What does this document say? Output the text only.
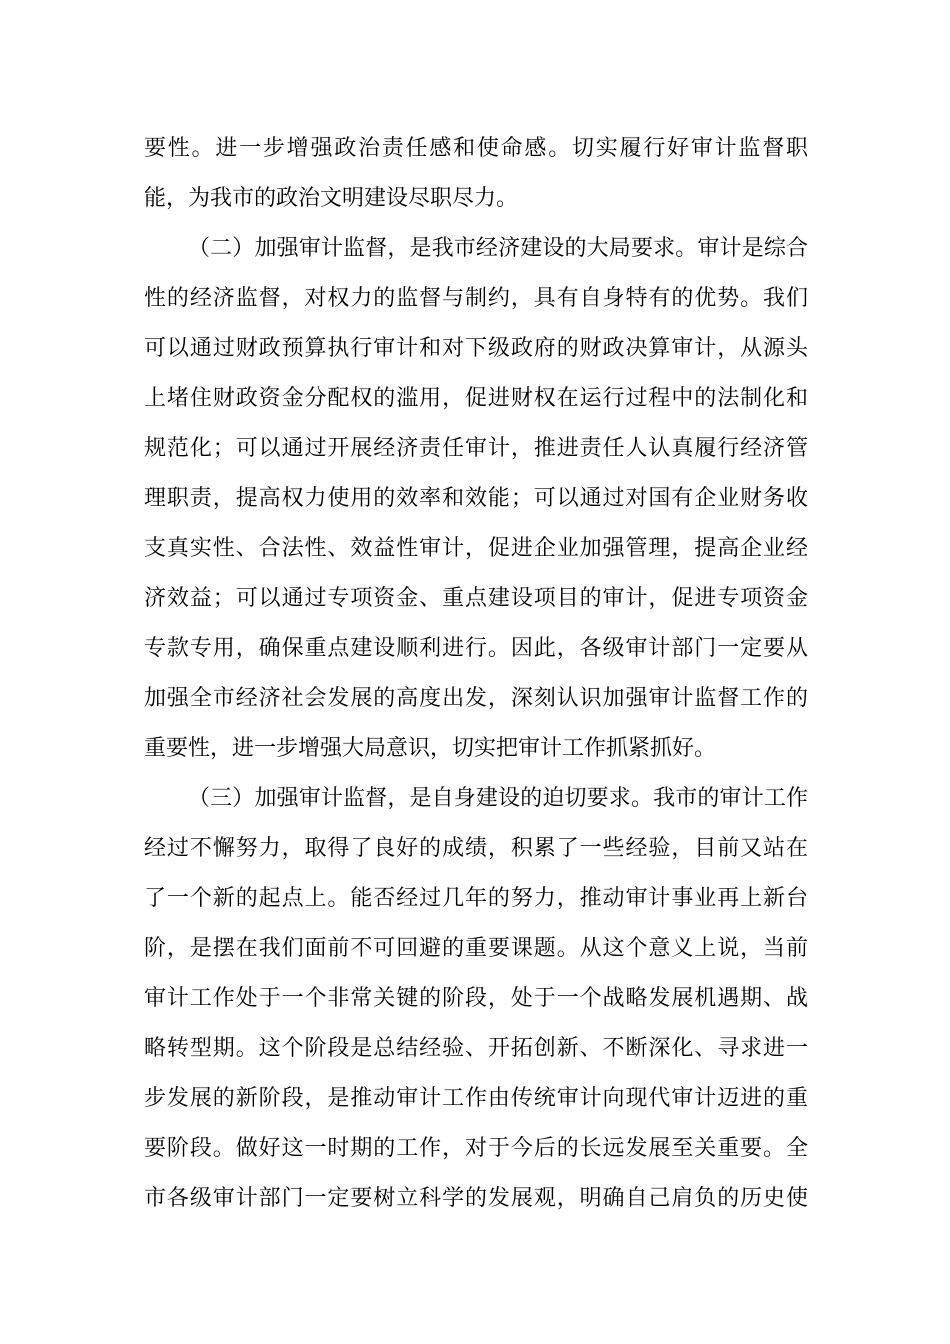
要性。进一步增强政治责任感和使命感。切实履行好审计监督职
能，为我市的政治文明建设尽职尽力。
（二）加强审计监督，是我市经济建设的大局要求。审计是综合
性的经济监督，对权力的监督与制约，具有自身特有的优势。我们
可以通过财政预算执行审计和对下级政府的财政决算审计，从源头
上堵住财政资金分配权的滥用，促进财权在运行过程中的法制化和
规范化；可以通过开展经济责任审计，推进责任人认真履行经济管
理职责，提高权力使用的效率和效能；可以通过对国有企业财务收
支真实性、合法性、效益性审计，促进企业加强管理，提高企业经
济效益；可以通过专项资金、重点建设项目的审计，促进专项资金
专款专用，确保重点建设顺利进行。因此，各级审计部门一定要从
加强全市经济社会发展的高度出发，深刻认识加强审计监督工作的
重要性，进一步增强大局意识，切实把审计工作抓紧抓好。
（三）加强审计监督，是自身建设的迫切要求。我市的审计工作
经过不懈努力，取得了良好的成绩，积累了一些经验，目前又站在
了一个新的起点上。能否经过几年的努力，推动审计事业再上新台
阶，是摆在我们面前不可回避的重要课题。从这个意义上说，当前
审计工作处于一个非常关键的阶段，处于一个战略发展机遇期、战
略转型期。这个阶段是总结经验、开拓创新、不断深化、寻求进一
步发展的新阶段，是推动审计工作由传统审计向现代审计迈进的重
要阶段。做好这一时期的工作，对于今后的长远发展至关重要。全
市各级审计部门一定要树立科学的发展观，明确自己肩负的历史使
